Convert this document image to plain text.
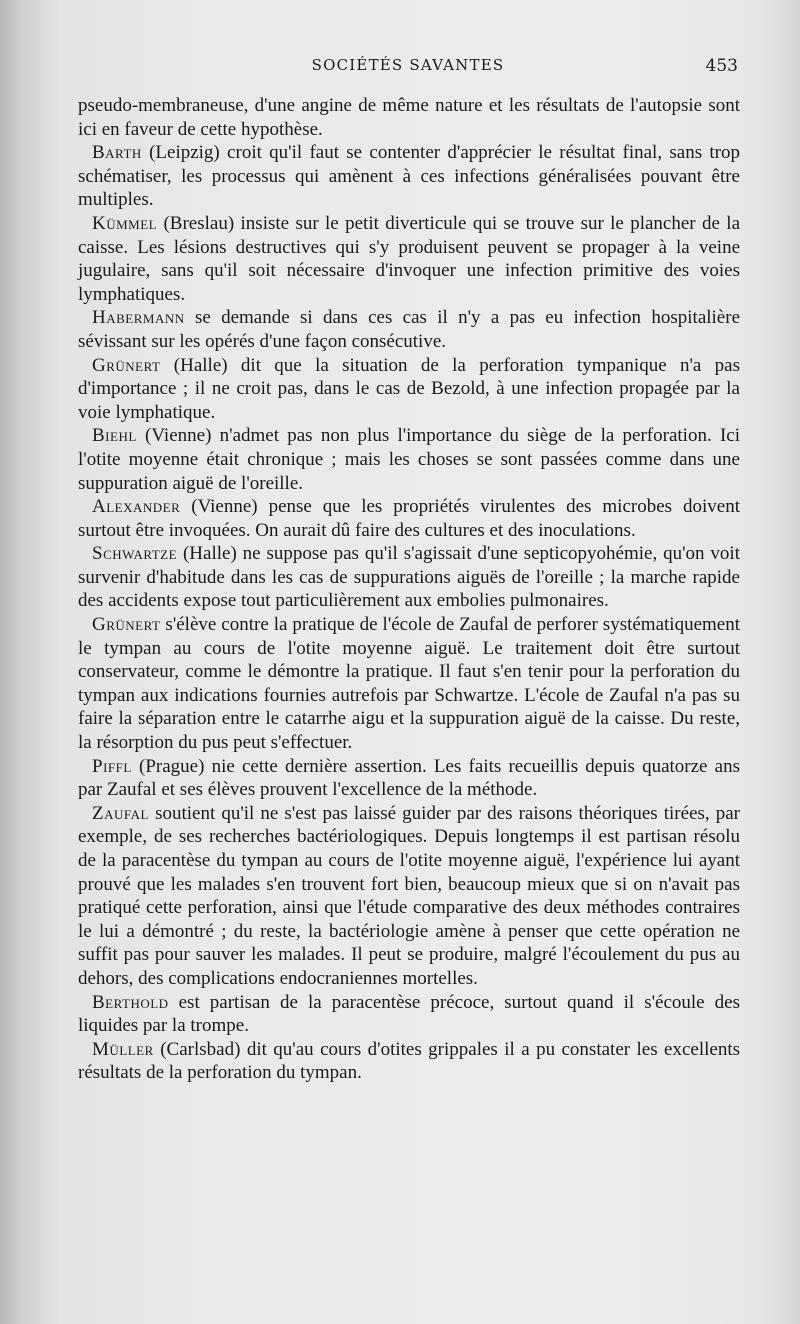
SOCIÉTÉS SAVANTES	453

pseudo-membraneuse, d'une angine de même nature et les résultats de l'autopsie sont ici en faveur de cette hypothèse.

Barth (Leipzig) croit qu'il faut se contenter d'apprécier le résultat final, sans trop schématiser, les processus qui amènent à ces infections généralisées pouvant être multiples.

Kümmel (Breslau) insiste sur le petit diverticule qui se trouve sur le plancher de la caisse. Les lésions destructives qui s'y produisent peuvent se propager à la veine jugulaire, sans qu'il soit nécessaire d'invoquer une infection primitive des voies lymphatiques.

Habermann se demande si dans ces cas il n'y a pas eu infection hospitalière sévissant sur les opérés d'une façon consécutive.

Grünert (Halle) dit que la situation de la perforation tympanique n'a pas d'importance ; il ne croit pas, dans le cas de Bezold, à une infection propagée par la voie lymphatique.

Biehl (Vienne) n'admet pas non plus l'importance du siège de la perforation. Ici l'otite moyenne était chronique ; mais les choses se sont passées comme dans une suppuration aiguë de l'oreille.

Alexander (Vienne) pense que les propriétés virulentes des microbes doivent surtout être invoquées. On aurait dû faire des cultures et des inoculations.

Schwartze (Halle) ne suppose pas qu'il s'agissait d'une septicopyohémie, qu'on voit survenir d'habitude dans les cas de suppurations aiguës de l'oreille ; la marche rapide des accidents expose tout particulièrement aux embolies pulmonaires.

Grünert s'élève contre la pratique de l'école de Zaufal de perforer systématiquement le tympan au cours de l'otite moyenne aiguë. Le traitement doit être surtout conservateur, comme le démontre la pratique. Il faut s'en tenir pour la perforation du tympan aux indications fournies autrefois par Schwartze. L'école de Zaufal n'a pas su faire la séparation entre le catarrhe aigu et la suppuration aiguë de la caisse. Du reste, la résorption du pus peut s'effectuer.

Piffl (Prague) nie cette dernière assertion. Les faits recueillis depuis quatorze ans par Zaufal et ses élèves prouvent l'excellence de la méthode.

Zaufal soutient qu'il ne s'est pas laissé guider par des raisons théoriques tirées, par exemple, de ses recherches bactériologiques. Depuis longtemps il est partisan résolu de la paracentèse du tympan au cours de l'otite moyenne aiguë, l'expérience lui ayant prouvé que les malades s'en trouvent fort bien, beaucoup mieux que si on n'avait pas pratiqué cette perforation, ainsi que l'étude comparative des deux méthodes contraires le lui a démontré ; du reste, la bactériologie amène à penser que cette opération ne suffit pas pour sauver les malades. Il peut se produire, malgré l'écoulement du pus au dehors, des complications endocraniennes mortelles.

Berthold est partisan de la paracentèse précoce, surtout quand il s'écoule des liquides par la trompe.

Müller (Carlsbad) dit qu'au cours d'otites grippales il a pu constater les excellents résultats de la perforation du tympan.
